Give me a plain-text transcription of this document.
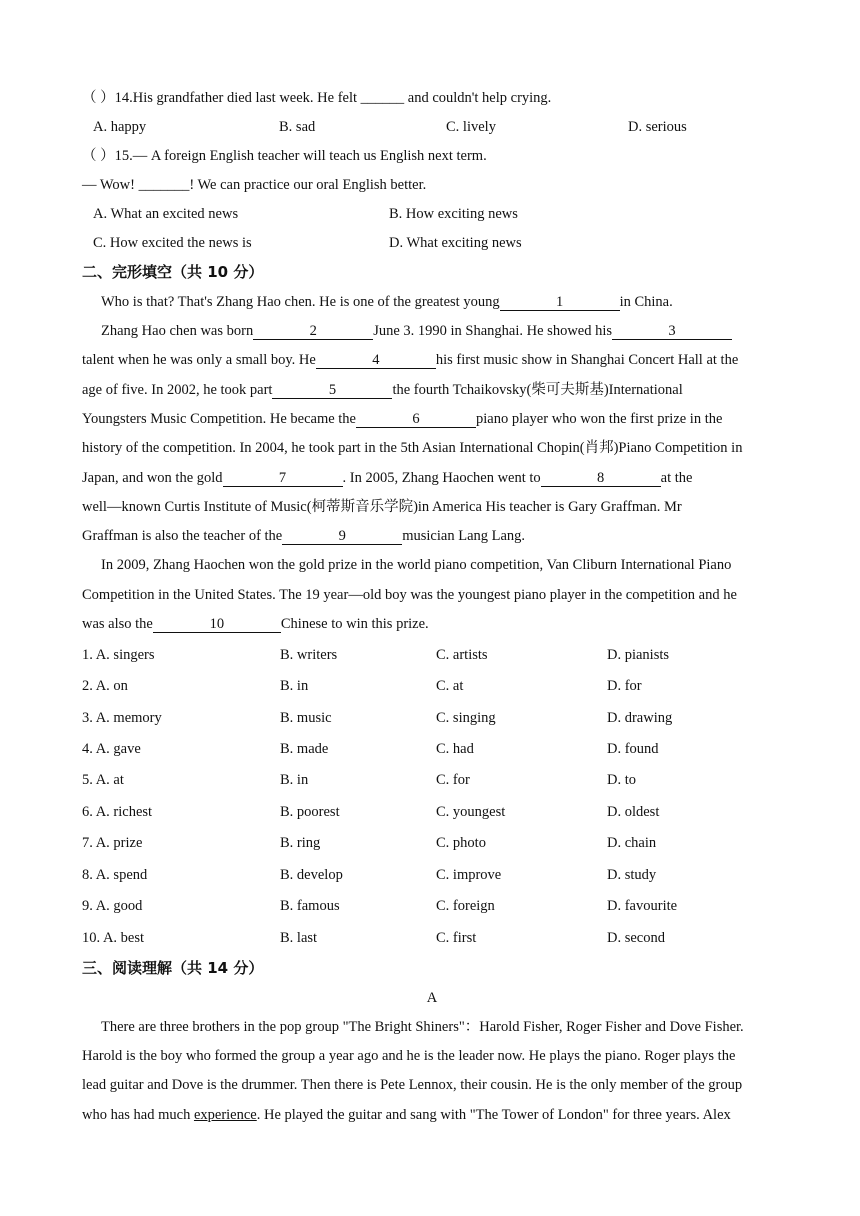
（ ）14.His grandfather died last week. He felt ______ and couldn't help crying.
A. happy	B. sad	C. lively	D. serious
（ ）15.— A foreign English teacher will teach us English next term.
— Wow! _______! We can practice our oral English better.
A. What an excited news	B. How exciting news
C. How excited the news is	D. What exciting news
二、完形填空（共 10 分）
Who is that? That's Zhang Hao chen. He is one of the greatest young	1	in China.
Zhang Hao chen was born	2	June 3. 1990 in Shanghai. He showed his	3
talent when he was only a small boy. He	4	his first music show in Shanghai Concert Hall at the
age of five. In 2002, he took part	5	the fourth Tchaikovsky(柴可夫斯基)International
Youngsters Music Competition. He became the	6	piano player who won the first prize in the
history of the competition. In 2004, he took part in the 5th Asian International Chopin(肖邦)Piano Competition in
Japan, and won the gold	7	. In 2005, Zhang Haochen went to	8	at the
well—known Curtis Institute of Music(柯蒂斯音乐学院)in America His teacher is Gary Graffman. Mr
Graffman is also the teacher of the	9	musician Lang Lang.
In 2009, Zhang Haochen won the gold prize in the world piano competition, Van Cliburn International Piano
Competition in the United States. The 19 year—old boy was the youngest piano player in the competition and he
was also the	10	Chinese to win this prize.
1. A. singers	B. writers	C. artists	D. pianists
2. A. on	B. in	C. at	D. for
3. A. memory	B. music	C. singing	D. drawing
4. A. gave	B. made	C. had	D. found
5. A. at	B. in	C. for	D. to
6. A. richest	B. poorest	C. youngest	D. oldest
7. A. prize	B. ring	C. photo	D. chain
8. A. spend	B. develop	C. improve	D. study
9. A. good	B. famous	C. foreign	D. favourite
10. A. best	B. last	C. first	D. second
三、阅读理解（共 14 分）
A
There are three brothers in the pop group "The Bright Shiners"：Harold Fisher, Roger Fisher and Dove Fisher.
Harold is the boy who formed the group a year ago and he is the leader now. He plays the piano. Roger plays the
lead guitar and Dove is the drummer. Then there is Pete Lennox, their cousin. He is the only member of the group
who has had much experience. He played the guitar and sang with "The Tower of London" for three years. Alex
